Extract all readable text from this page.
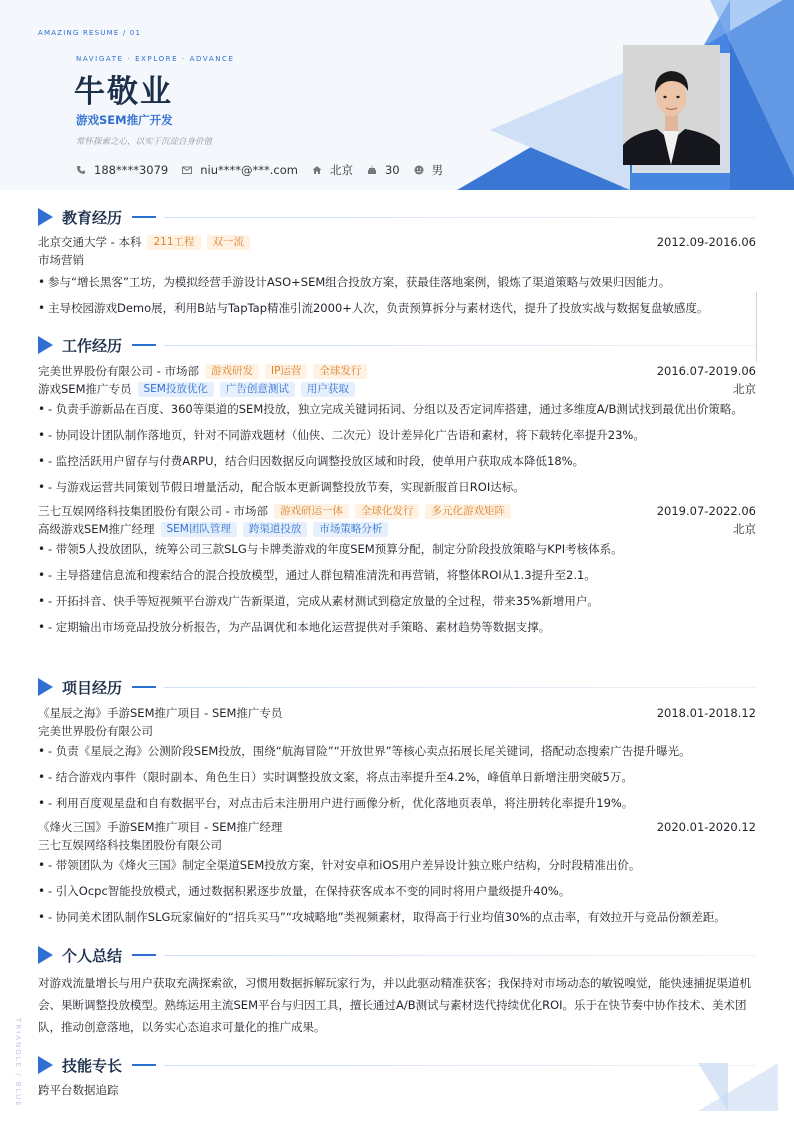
AMAZING RESUME / 01
NAVIGATE · EXPLORE · ADVANCE
牛敬业
游戏SEM推广开发
常怀探索之心，以实干沉淀自身价值
188****3079	niu****@***.com	北京	30	男
教育经历
北京交通大学 - 本科	211工程	双一流	2012.09-2016.06
市场营销
• 参与“增长黑客”工坊，为模拟经营手游设计ASO+SEM组合投放方案，获最佳落地案例，锻炼了渠道策略与效果归因能力。
• 主导校园游戏Demo展，利用B站与TapTap精准引流2000+人次，负责预算拆分与素材迭代，提升了投放实战与数据复盘敏感度。
工作经历
完美世界股份有限公司 - 市场部	游戏研发	IP运营	全球发行	2016.07-2019.06
游戏SEM推广专员	SEM投放优化	广告创意测试	用户获取	北京
• - 负责手游新品在百度、360等渠道的SEM投放，独立完成关键词拓词、分组以及否定词库搭建，通过多维度A/B测试找到最优出价策略。
• - 协同设计团队制作落地页，针对不同游戏题材（仙侠、二次元）设计差异化广告语和素材，将下载转化率提升23%。
• - 监控活跃用户留存与付费ARPU，结合归因数据反向调整投放区域和时段，使单用户获取成本降低18%。
• - 与游戏运营共同策划节假日增量活动，配合版本更新调整投放节奏，实现新服首日ROI达标。
三七互娱网络科技集团股份有限公司 - 市场部	游戏研运一体	全球化发行	多元化游戏矩阵	2019.07-2022.06
高级游戏SEM推广经理	SEM团队管理	跨渠道投放	市场策略分析	北京
• - 带领5人投放团队，统筹公司三款SLG与卡牌类游戏的年度SEM预算分配，制定分阶段投放策略与KPI考核体系。
• - 主导搭建信息流和搜索结合的混合投放模型，通过人群包精准清洗和再营销，将整体ROI从1.3提升至2.1。
• - 开拓抖音、快手等短视频平台游戏广告新渠道，完成从素材测试到稳定放量的全过程，带来35%新增用户。
• - 定期输出市场竞品投放分析报告，为产品调优和本地化运营提供对手策略、素材趋势等数据支撑。
项目经历
《星辰之海》手游SEM推广项目 - SEM推广专员	2018.01-2018.12
完美世界股份有限公司
• - 负责《星辰之海》公测阶段SEM投放，围绕“航海冒险”“开放世界”等核心卖点拓展长尾关键词，搭配动态搜索广告提升曝光。
• - 结合游戏内事件（限时副本、角色生日）实时调整投放文案，将点击率提升至4.2%，峰值单日新增注册突破5万。
• - 利用百度观星盘和自有数据平台，对点击后未注册用户进行画像分析，优化落地页表单，将注册转化率提升19%。
《烽火三国》手游SEM推广项目 - SEM推广经理	2020.01-2020.12
三七互娱网络科技集团股份有限公司
• - 带领团队为《烽火三国》制定全渠道SEM投放方案，针对安卓和iOS用户差异设计独立账户结构，分时段精准出价。
• - 引入Ocpc智能投放模式，通过数据积累逐步放量，在保持获客成本不变的同时将用户量级提升40%。
• - 协同美术团队制作SLG玩家偏好的“招兵买马”“攻城略地”类视频素材，取得高于行业均值30%的点击率，有效拉开与竞品份额差距。
个人总结
对游戏流量增长与用户获取充满探索欲，习惯用数据拆解玩家行为，并以此驱动精准获客；我保持对市场动态的敏锐嗅觉，能快速捕捉渠道机会、果断调整投放模型。熟练运用主流SEM平台与归因工具，擅长通过A/B测试与素材迭代持续优化ROI。乐于在快节奏中协作技术、美术团队，推动创意落地，以务实心态追求可量化的推广成果。
技能专长
跨平台数据追踪
TRIANGLE / BLUE
